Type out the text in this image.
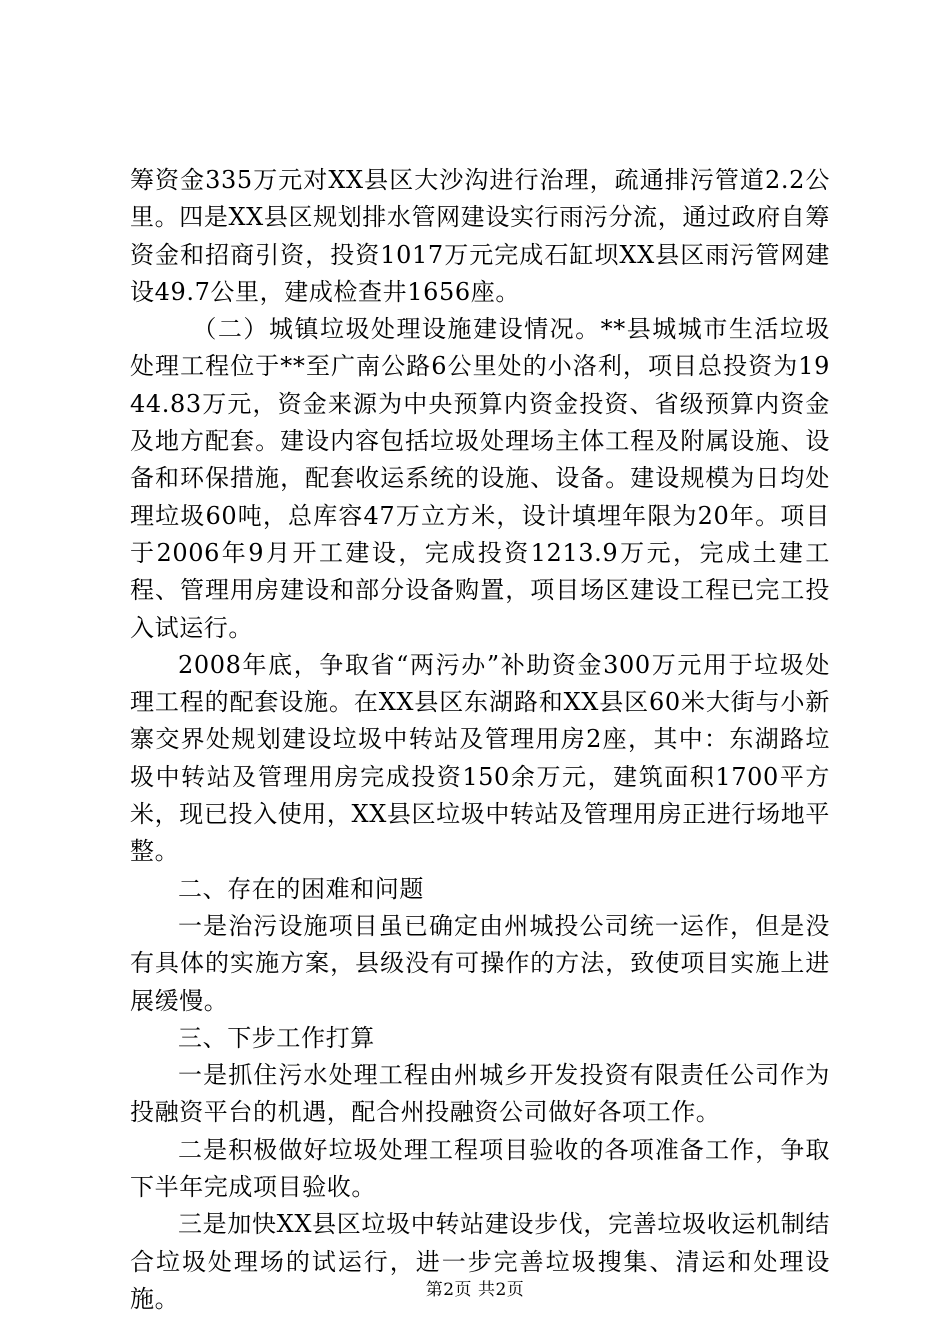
筹资金335万元对XX县区大沙沟进行治理，疏通排污管道2.2公里。四是XX县区规划排水管网建设实行雨污分流，通过政府自筹资金和招商引资，投资1017万元完成石缸坝XX县区雨污管网建设49.7公里，建成检查井1656座。

（二）城镇垃圾处理设施建设情况。**县城城市生活垃圾处理工程位于**至广南公路6公里处的小洛利，项目总投资为1944.83万元，资金来源为中央预算内资金投资、省级预算内资金及地方配套。建设内容包括垃圾处理场主体工程及附属设施、设备和环保措施，配套收运系统的设施、设备。建设规模为日均处理垃圾60吨，总库容47万立方米，设计填埋年限为20年。项目于2006年9月开工建设，完成投资1213.9万元，完成土建工程、管理用房建设和部分设备购置，项目场区建设工程已完工投入试运行。

2008年底，争取省“两污办”补助资金300万元用于垃圾处理工程的配套设施。在XX县区东湖路和XX县区60米大街与小新寨交界处规划建设垃圾中转站及管理用房2座，其中：东湖路垃圾中转站及管理用房完成投资150余万元，建筑面积1700平方米，现已投入使用，XX县区垃圾中转站及管理用房正进行场地平整。

二、存在的困难和问题

一是治污设施项目虽已确定由州城投公司统一运作，但是没有具体的实施方案，县级没有可操作的方法，致使项目实施上进展缓慢。

三、下步工作打算

一是抓住污水处理工程由州城乡开发投资有限责任公司作为投融资平台的机遇，配合州投融资公司做好各项工作。

二是积极做好垃圾处理工程项目验收的各项准备工作，争取下半年完成项目验收。

三是加快XX县区垃圾中转站建设步伐，完善垃圾收运机制结合垃圾处理场的试运行，进一步完善垃圾搜集、清运和处理设施。	第2页 共2页
